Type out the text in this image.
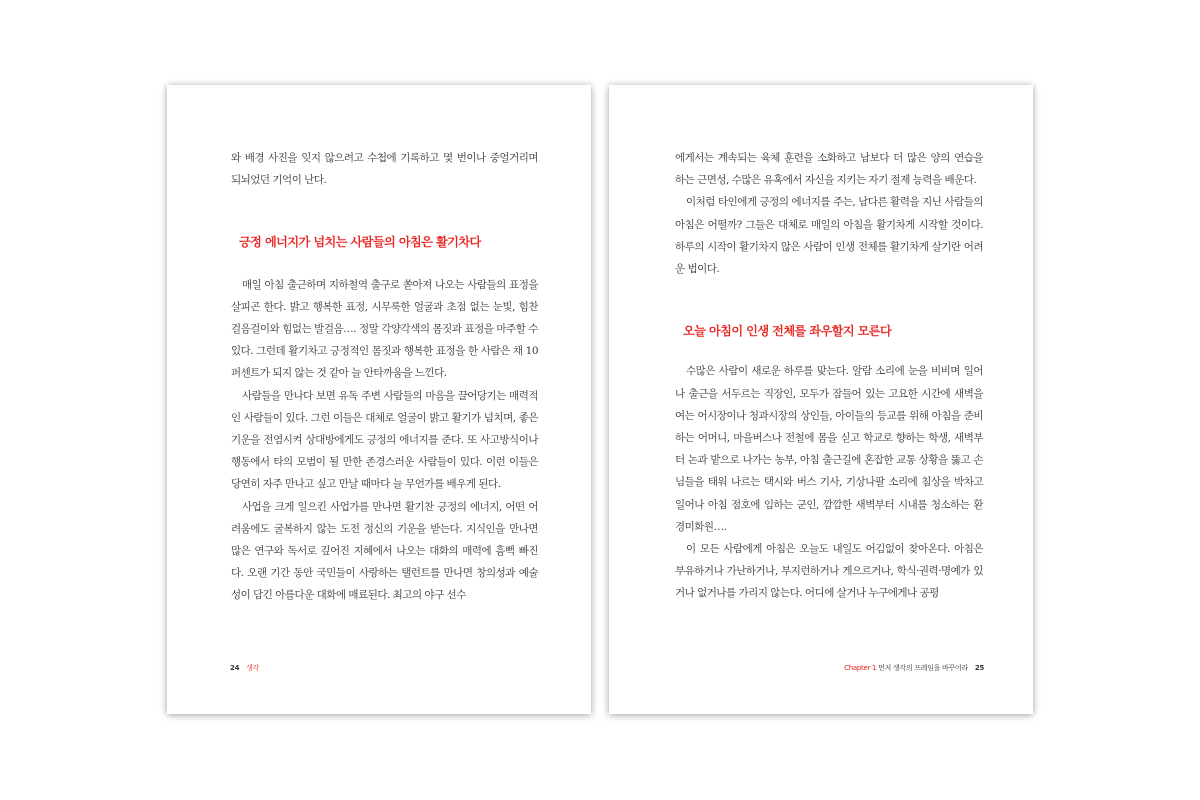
와 배경 사진을 잊지 않으려고 수첩에 기록하고 몇 번이나 중얼거리며 되뇌었던 기억이 난다.

긍정 에너지가 넘치는 사람들의 아침은 활기차다

매일 아침 출근하며 지하철역 출구로 쏟아져 나오는 사람들의 표정을 살피곤 한다. 밝고 행복한 표정, 시무룩한 얼굴과 초점 없는 눈빛, 힘찬 걸음걸이와 힘없는 발걸음…. 정말 각양각색의 몸짓과 표정을 마주할 수 있다. 그런데 활기차고 긍정적인 몸짓과 행복한 표정을 한 사람은 채 10퍼센트가 되지 않는 것 같아 늘 안타까움을 느낀다.

사람들을 만나다 보면 유독 주변 사람들의 마음을 끌어당기는 매력적인 사람들이 있다. 그런 이들은 대체로 얼굴이 밝고 활기가 넘치며, 좋은 기운을 전염시켜 상대방에게도 긍정의 에너지를 준다. 또 사고방식이나 행동에서 타의 모범이 될 만한 존경스러운 사람들이 있다. 이런 이들은 당연히 자주 만나고 싶고 만날 때마다 늘 무언가를 배우게 된다.

사업을 크게 일으킨 사업가를 만나면 활기찬 긍정의 에너지, 어떤 어려움에도 굴복하지 않는 도전 정신의 기운을 받는다. 지식인을 만나면 많은 연구와 독서로 깊어진 지혜에서 나오는 대화의 매력에 흠뻑 빠진다. 오랜 기간 동안 국민들이 사랑하는 탤런트를 만나면 창의성과 예술성이 담긴 아름다운 대화에 매료된다. 최고의 야구 선수

24 생각

에게서는 계속되는 육체 훈련을 소화하고 남보다 더 많은 양의 연습을 하는 근면성, 수많은 유혹에서 자신을 지키는 자기 절제 능력을 배운다.

이처럼 타인에게 긍정의 에너지를 주는, 남다른 활력을 지닌 사람들의 아침은 어떨까? 그들은 대체로 매일의 아침을 활기차게 시작할 것이다. 하루의 시작이 활기차지 않은 사람이 인생 전체를 활기차게 살기란 어려운 법이다.

오늘 아침이 인생 전체를 좌우할지 모른다

수많은 사람이 새로운 하루를 맞는다. 알람 소리에 눈을 비비며 일어나 출근을 서두르는 직장인, 모두가 잠들어 있는 고요한 시간에 새벽을 여는 어시장이나 청과시장의 상인들, 아이들의 등교를 위해 아침을 준비하는 어머니, 마을버스나 전철에 몸을 싣고 학교로 향하는 학생, 새벽부터 논과 밭으로 나가는 농부, 아침 출근길에 혼잡한 교통 상황을 뚫고 손님들을 태워 나르는 택시와 버스 기사, 기상나팔 소리에 침상을 박차고 일어나 아침 점호에 임하는 군인, 깜깜한 새벽부터 시내를 청소하는 환경미화원….

이 모든 사람에게 아침은 오늘도 내일도 어김없이 찾아온다. 아침은 부유하거나 가난하거나, 부지런하거나 게으르거나, 학식·권력·명예가 있거나 없거나를 가리지 않는다. 어디에 살거나 누구에게나 공평

Chapter 1 먼저 생각의 프레임을 바꾸어라 25
